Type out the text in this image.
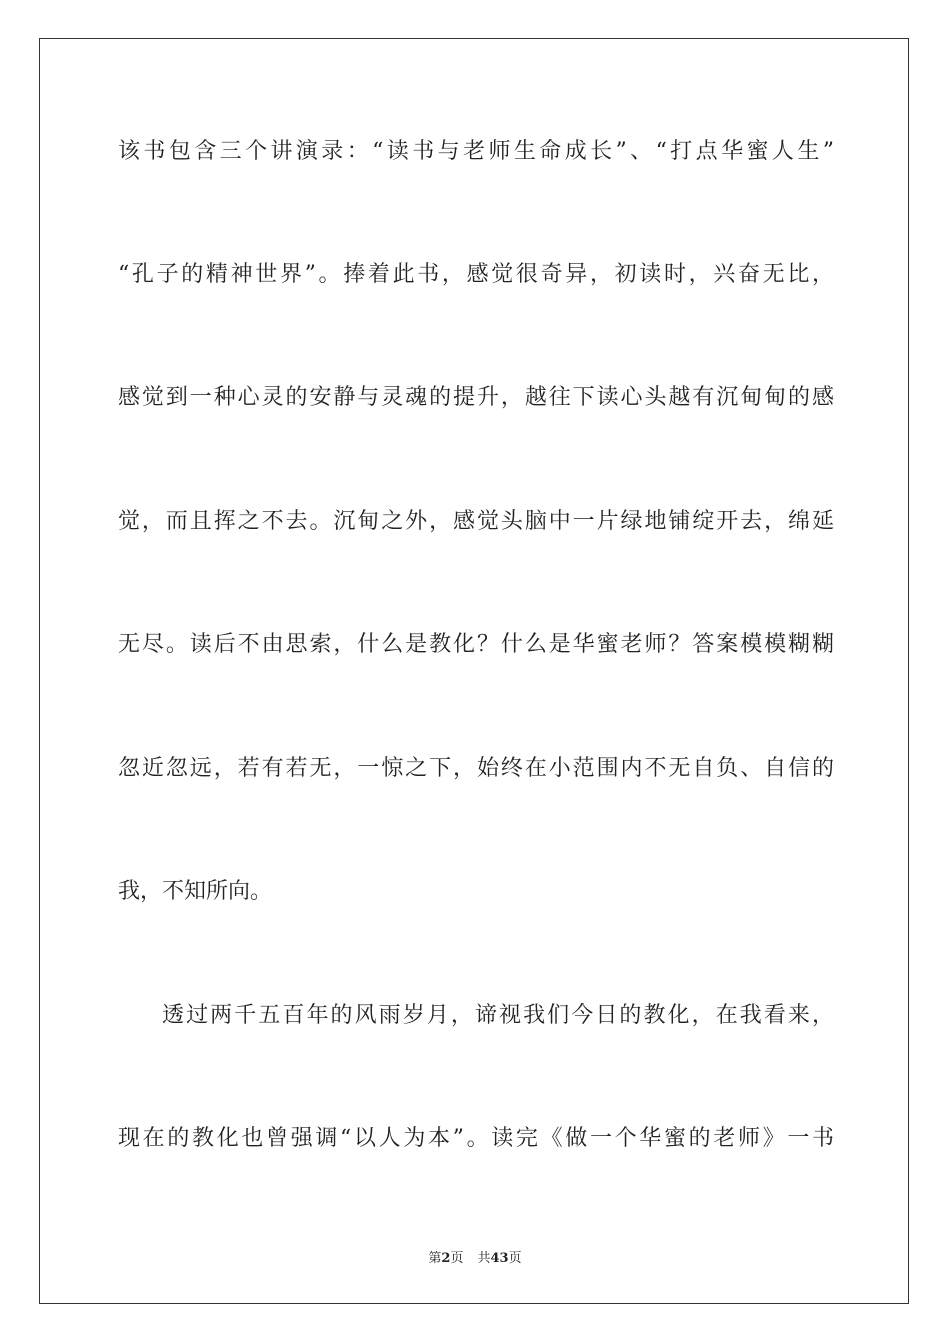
该书包含三个讲演录：“读书与老师生命成长”、“打点华蜜人生”
“孔子的精神世界”。捧着此书，感觉很奇异，初读时，兴奋无比，
感觉到一种心灵的安静与灵魂的提升，越往下读心头越有沉甸甸的感
觉，而且挥之不去。沉甸之外，感觉头脑中一片绿地铺绽开去，绵延
无尽。读后不由思索，什么是教化？什么是华蜜老师？答案模模糊糊
忽近忽远，若有若无，一惊之下，始终在小范围内不无自负、自信的
我，不知所向。
透过两千五百年的风雨岁月，谛视我们今日的教化，在我看来，
现在的教化也曾强调“以人为本”。读完《做一个华蜜的老师》一书
第2页 共43页
